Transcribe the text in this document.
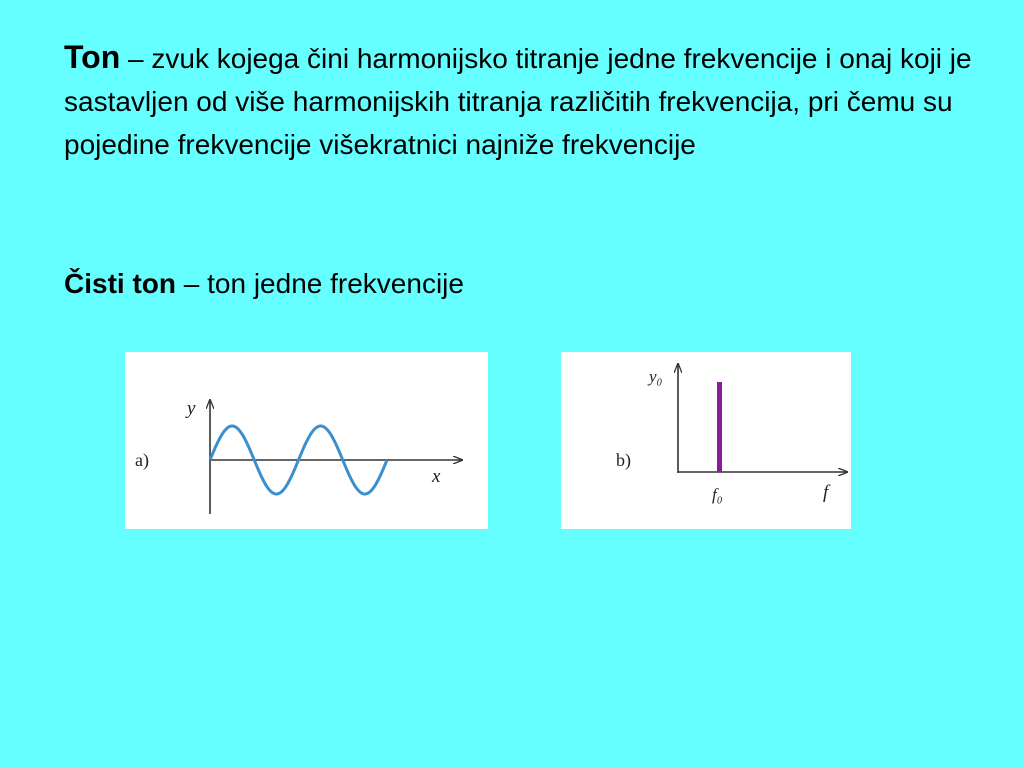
Ton – zvuk kojega čini harmonijsko titranje jedne frekvencije i onaj koji je sastavljen od više harmonijskih titranja različitih frekvencija, pri čemu su pojedine frekvencije višekratnici najniže frekvencije
Čisti ton – ton jedne frekvencije
y
x
a)
y₀
f
f₀
b)
